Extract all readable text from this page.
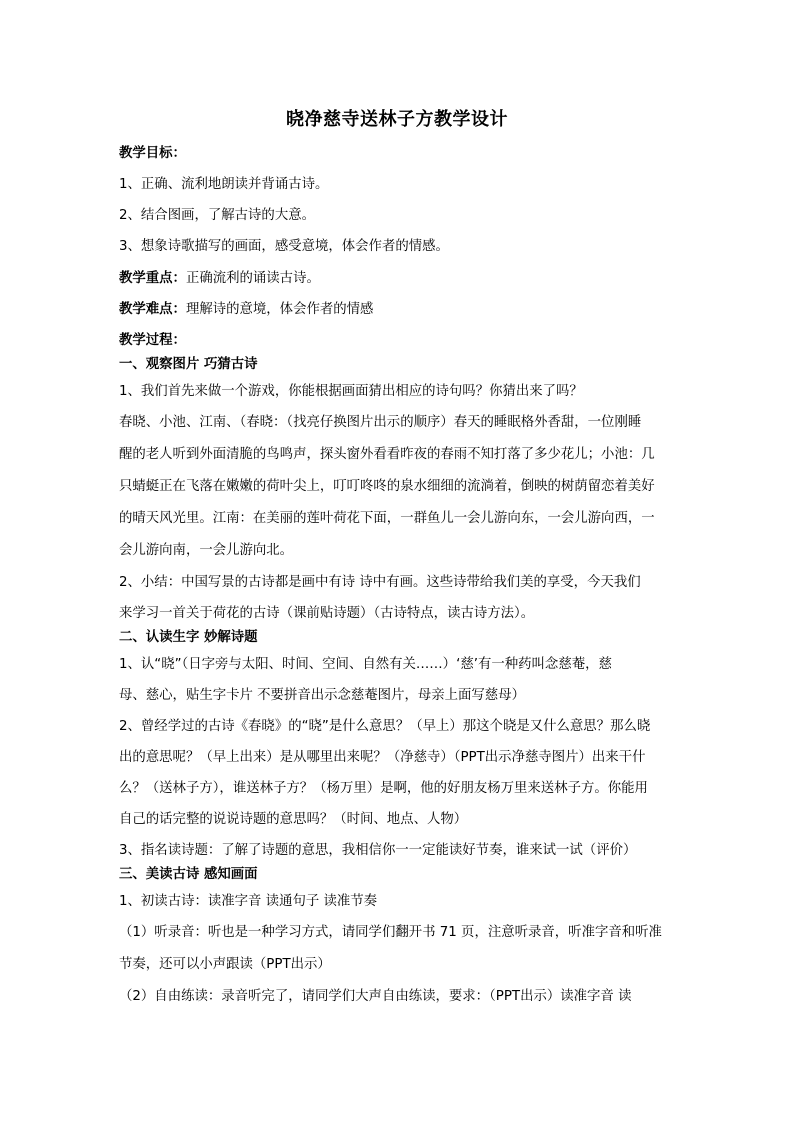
晓净慈寺送林子方教学设计
教学目标：
1、正确、流利地朗读并背诵古诗。
2、结合图画，了解古诗的大意。
3、想象诗歌描写的画面，感受意境，体会作者的情感。
教学重点：正确流利的诵读古诗。
教学难点：理解诗的意境，体会作者的情感
教学过程：
一、观察图片 巧猜古诗
1、我们首先来做一个游戏，你能根据画面猜出相应的诗句吗？你猜出来了吗？
春晓、小池、江南、（春晓：（找亮仔换图片出示的顺序）春天的睡眠格外香甜，一位刚睡
醒的老人听到外面清脆的鸟鸣声，探头窗外看看昨夜的春雨不知打落了多少花儿；小池：几
只蜻蜓正在飞落在嫩嫩的荷叶尖上，叮叮咚咚的泉水细细的流淌着，倒映的树荫留恋着美好
的晴天风光里。江南：在美丽的莲叶荷花下面，一群鱼儿一会儿游向东，一会儿游向西，一
会儿游向南，一会儿游向北。
2、小结：中国写景的古诗都是画中有诗 诗中有画。这些诗带给我们美的享受，今天我们
来学习一首关于荷花的古诗（课前贴诗题）（古诗特点，读古诗方法）。
二、认读生字 妙解诗题
1、认“晓”（日字旁与太阳、时间、空间、自然有关……）‘慈’有一种药叫念慈菴，慈
母、慈心，贴生字卡片 不要拼音出示念慈菴图片，母亲上面写慈母）
2、曾经学过的古诗《春晓》的“晓”是什么意思？（早上）那这个晓是又什么意思？那么晓
出的意思呢？（早上出来）是从哪里出来呢？（净慈寺）（PPT出示净慈寺图片）出来干什
么？（送林子方），谁送林子方？（杨万里）是啊，他的好朋友杨万里来送林子方。你能用
自己的话完整的说说诗题的意思吗？（时间、地点、人物）
3、指名读诗题：了解了诗题的意思，我相信你一一定能读好节奏，谁来试一试（评价）
三、美读古诗 感知画面
1、初读古诗：读准字音 读通句子 读准节奏
（1）听录音：听也是一种学习方式，请同学们翻开书 71 页，注意听录音，听准字音和听准
节奏，还可以小声跟读（PPT出示）
（2）自由练读：录音听完了，请同学们大声自由练读，要求：（PPT出示）读准字音 读
